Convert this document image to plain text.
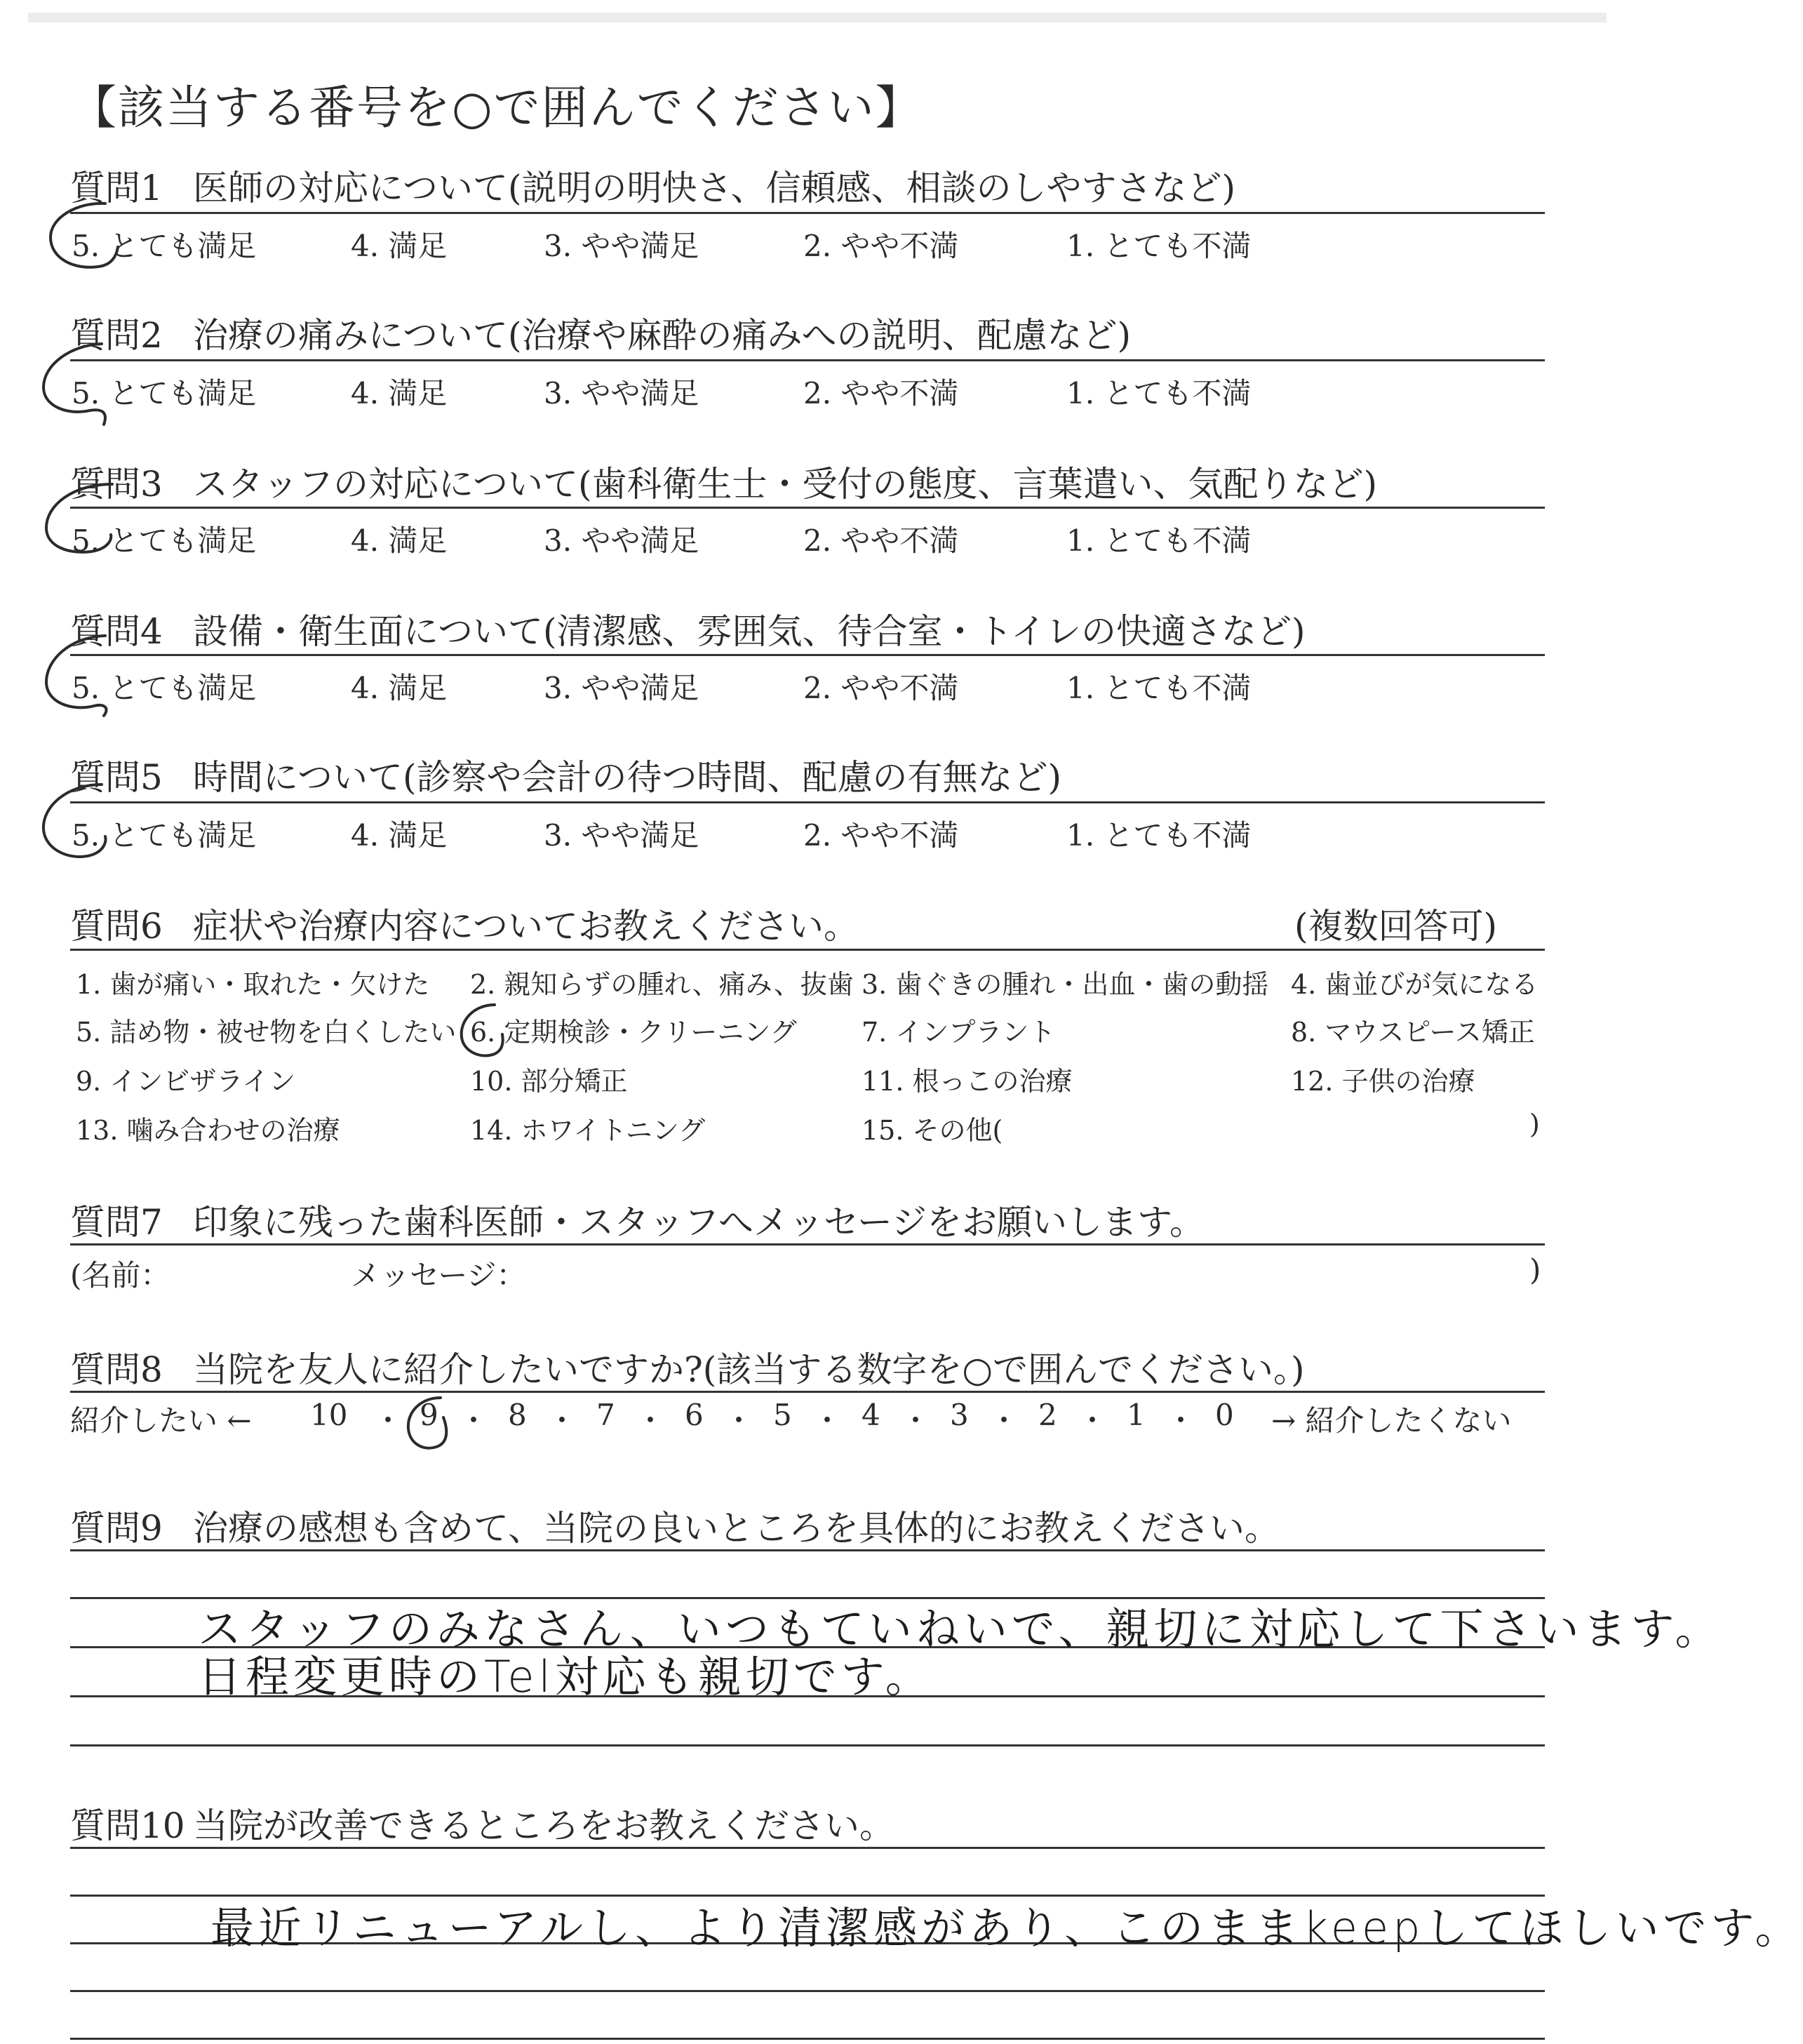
【該当する番号を○で囲んでください】
質問1 医師の対応について(説明の明快さ、信頼感、相談のしやすさなど)
5. とても満足	4. 満足	3. やや満足	2. やや不満	1. とても不満
質問2 治療の痛みについて(治療や麻酔の痛みへの説明、配慮など)
5. とても満足	4. 満足	3. やや満足	2. やや不満	1. とても不満
質問3 スタッフの対応について(歯科衛生士・受付の態度、言葉遣い、気配りなど)
5. とても満足	4. 満足	3. やや満足	2. やや不満	1. とても不満
質問4 設備・衛生面について(清潔感、雰囲気、待合室・トイレの快適さなど)
5. とても満足	4. 満足	3. やや満足	2. やや不満	1. とても不満
質問5 時間について(診察や会計の待つ時間、配慮の有無など)
5. とても満足	4. 満足	3. やや満足	2. やや不満	1. とても不満
質問6 症状や治療内容についてお教えください。	(複数回答可)
1. 歯が痛い・取れた・欠けた 2. 親知らずの腫れ、痛み、抜歯 3. 歯ぐきの腫れ・出血・歯の動揺 4. 歯並びが気になる
5. 詰め物・被せ物を白くしたい 6. 定期検診・クリーニング 7. インプラント	8. マウスピース矯正
9. インビザライン	10. 部分矯正	11. 根っこの治療	12. 子供の治療
13. 噛み合わせの治療	14. ホワイトニング	15. その他(	)
質問7 印象に残った歯科医師・スタッフへメッセージをお願いします。
(名前：	メッセージ：	)
質問8 当院を友人に紹介したいですか?(該当する数字を○で囲んでください。)
紹介したい ←	→ 紹介したくない
10 ・ 9 ・ 8 ・ 7 ・ 6 ・ 5 ・ 4 ・ 3 ・ 2 ・ 1 ・ 0
質問9 治療の感想も含めて、当院の良いところを具体的にお教えください。
スタッフのみなさん、いつもていねいで、親切に対応して下さいます。
日程変更時のTel対応も親切です。
質問10 当院が改善できるところをお教えください。
最近リニューアルし、より清潔感があり、このままkeepしてほしいです。
